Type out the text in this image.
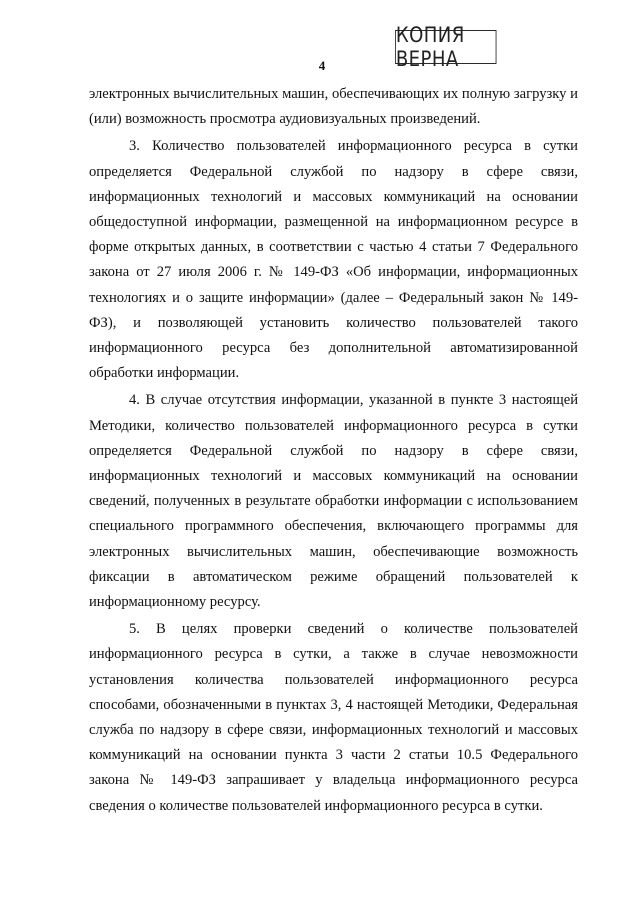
КОПИЯ ВЕРНА
4

электронных вычислительных машин, обеспечивающих их полную загрузку и (или) возможность просмотра аудиовизуальных произведений.

3. Количество пользователей информационного ресурса в сутки определяется Федеральной службой по надзору в сфере связи, информационных технологий и массовых коммуникаций на основании общедоступной информации, размещенной на информационном ресурсе в форме открытых данных, в соответствии с частью 4 статьи 7 Федерального закона от 27 июля 2006 г. № 149-ФЗ «Об информации, информационных технологиях и о защите информации» (далее – Федеральный закон № 149-ФЗ), и позволяющей установить количество пользователей такого информационного ресурса без дополнительной автоматизированной обработки информации.

4. В случае отсутствия информации, указанной в пункте 3 настоящей Методики, количество пользователей информационного ресурса в сутки определяется Федеральной службой по надзору в сфере связи, информационных технологий и массовых коммуникаций на основании сведений, полученных в результате обработки информации с использованием специального программного обеспечения, включающего программы для электронных вычислительных машин, обеспечивающие возможность фиксации в автоматическом режиме обращений пользователей к информационному ресурсу.

5. В целях проверки сведений о количестве пользователей информационного ресурса в сутки, а также в случае невозможности установления количества пользователей информационного ресурса способами, обозначенными в пунктах 3, 4 настоящей Методики, Федеральная служба по надзору в сфере связи, информационных технологий и массовых коммуникаций на основании пункта 3 части 2 статьи 10.5 Федерального закона № 149-ФЗ запрашивает у владельца информационного ресурса сведения о количестве пользователей информационного ресурса в сутки.
